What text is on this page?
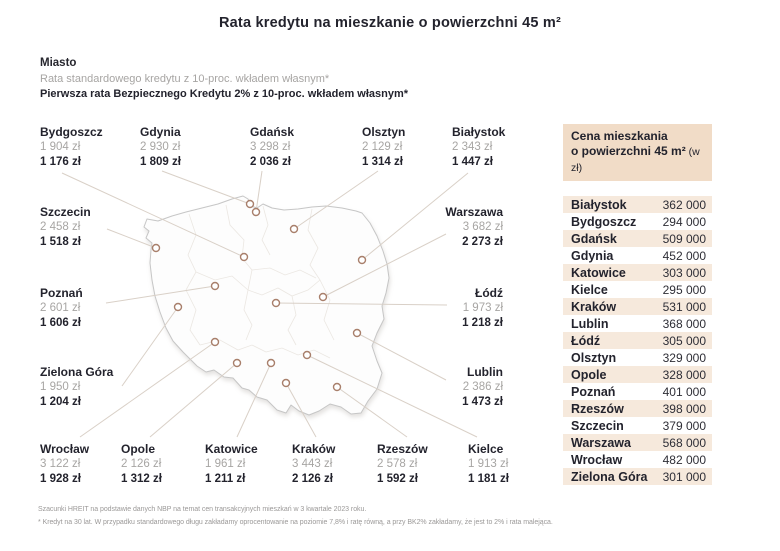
Rata kredytu na mieszkanie o powierzchni 45 m²
Miasto
Rata standardowego kredytu z 10-proc. wkładem własnym*
Pierwsza rata Bezpiecznego Kredytu 2% z 10-proc. wkładem własnym*
Bydgoszcz
1 904 zł
1 176 zł
Gdynia
2 930 zł
1 809 zł
Gdańsk
3 298 zł
2 036 zł
Olsztyn
2 129 zł
1 314 zł
Białystok
2 343 zł
1 447 zł
Szczecin
2 458 zł
1 518 zł
Poznań
2 601 zł
1 606 zł
Zielona Góra
1 950 zł
1 204 zł
Warszawa
3 682 zł
2 273 zł
Łódź
1 973 zł
1 218 zł
Lublin
2 386 zł
1 473 zł
Wrocław
3 122 zł
1 928 zł
Opole
2 126 zł
1 312 zł
Katowice
1 961 zł
1 211 zł
Kraków
3 443 zł
2 126 zł
Rzeszów
2 578 zł
1 592 zł
Kielce
1 913 zł
1 181 zł
Cena mieszkania
o powierzchni 45 m² (w zł)
Białystok	362 000
Bydgoszcz 294 000
Gdańsk	509 000
Gdynia	452 000
Katowice	303 000
Kielce	295 000
Kraków	531 000
Lublin	368 000
Łódź	305 000
Olsztyn	329 000
Opole	328 000
Poznań	401 000
Rzeszów	398 000
Szczecin	379 000
Warszawa	568 000
Wrocław	482 000
Zielona Góra 301 000
Szacunki HREIT na podstawie danych NBP na temat cen transakcyjnych mieszkań w 3 kwartale 2023 roku.
* Kredyt na 30 lat. W przypadku standardowego długu zakładamy oprocentowanie na poziomie 7,8% i ratę równą, a przy BK2% zakładamy, że jest to 2% i rata malejąca.
